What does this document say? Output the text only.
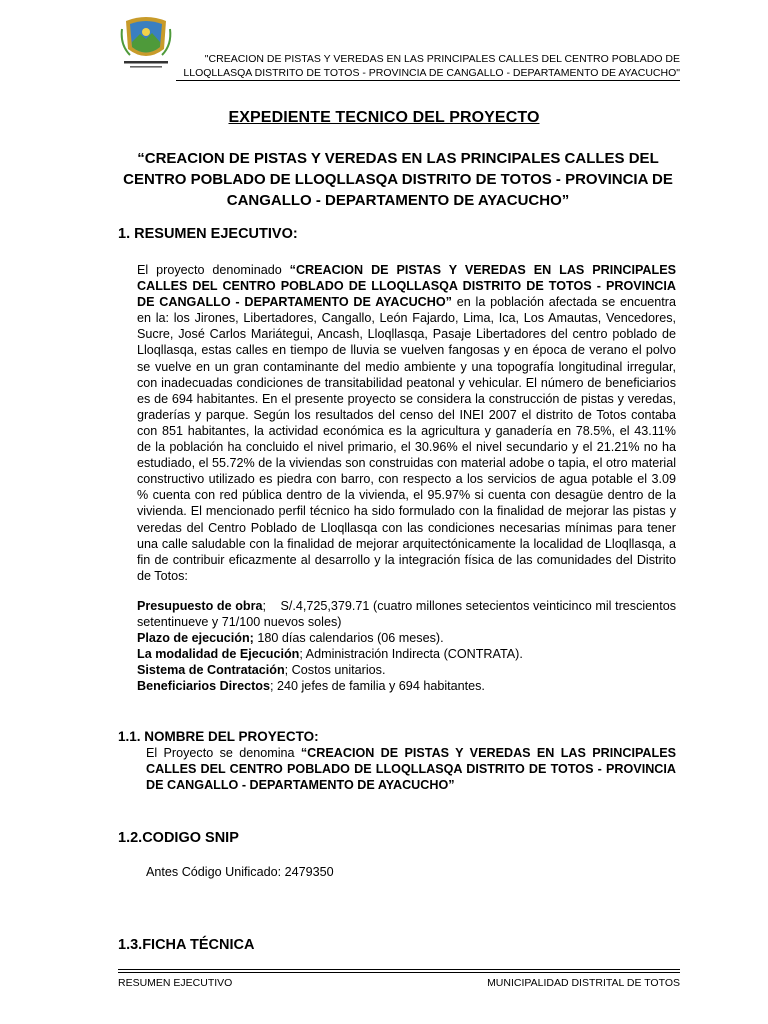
"CREACION DE PISTAS Y VEREDAS EN LAS PRINCIPALES CALLES DEL CENTRO POBLADO DE
LLOQLLASQA DISTRITO DE TOTOS - PROVINCIA DE CANGALLO - DEPARTAMENTO DE AYACUCHO"
EXPEDIENTE TECNICO DEL PROYECTO
“CREACION DE PISTAS Y VEREDAS EN LAS PRINCIPALES CALLES DEL CENTRO POBLADO DE LLOQLLASQA DISTRITO DE TOTOS - PROVINCIA DE CANGALLO - DEPARTAMENTO DE AYACUCHO”
1. RESUMEN EJECUTIVO:
El proyecto denominado “CREACION DE PISTAS Y VEREDAS EN LAS PRINCIPALES CALLES DEL CENTRO POBLADO DE LLOQLLASQA DISTRITO DE TOTOS - PROVINCIA DE CANGALLO - DEPARTAMENTO DE AYACUCHO” en la población afectada se encuentra en la: los Jirones, Libertadores, Cangallo, León Fajardo, Lima, Ica, Los Amautas, Vencedores, Sucre, José Carlos Mariátegui, Ancash, Lloqllasqa, Pasaje Libertadores del centro poblado de Lloqllasqa, estas calles en tiempo de lluvia se vuelven fangosas y en época de verano el polvo se vuelve en un gran contaminante del medio ambiente y una topografía longitudinal irregular, con inadecuadas condiciones de transitabilidad peatonal y vehicular. El número de beneficiarios es de 694 habitantes. En el presente proyecto se considera la construcción de pistas y veredas, graderías y parque. Según los resultados del censo del INEI 2007 el distrito de Totos contaba con 851 habitantes, la actividad económica es la agricultura y ganadería en 78.5%, el 43.11% de la población ha concluido el nivel primario, el 30.96% el nivel secundario y el 21.21% no ha estudiado, el 55.72% de la viviendas son construidas con material adobe o tapia, el otro material constructivo utilizado es piedra con barro, con respecto a los servicios de agua potable el 3.09 % cuenta con red pública dentro de la vivienda, el 95.97% si cuenta con desagüe dentro de la vivienda. El mencionado perfil técnico ha sido formulado con la finalidad de mejorar las pistas y veredas del Centro Poblado de Lloqllasqa con las condiciones necesarias mínimas para tener una calle saludable con la finalidad de mejorar arquitectónicamente la localidad de Lloqllasqa, a fin de contribuir eficazmente al desarrollo y la integración física de las comunidades del Distrito de Totos:
Presupuesto de obra;    S/.4,725,379.71 (cuatro millones setecientos veinticinco mil trescientos setentinueve y 71/100 nuevos soles)
Plazo de ejecución; 180 días calendarios (06 meses).
La modalidad de Ejecución; Administración Indirecta (CONTRATA).
Sistema de Contratación; Costos unitarios.
Beneficiarios Directos; 240 jefes de familia y 694 habitantes.
1.1. NOMBRE DEL PROYECTO:
El Proyecto se denomina “CREACION DE PISTAS Y VEREDAS EN LAS PRINCIPALES CALLES DEL CENTRO POBLADO DE LLOQLLASQA DISTRITO DE TOTOS - PROVINCIA DE CANGALLO - DEPARTAMENTO DE AYACUCHO”
1.2.CODIGO SNIP
Antes Código Unificado: 2479350
1.3.FICHA TÉCNICA
RESUMEN EJECUTIVO	MUNICIPALIDAD DISTRITAL DE TOTOS
